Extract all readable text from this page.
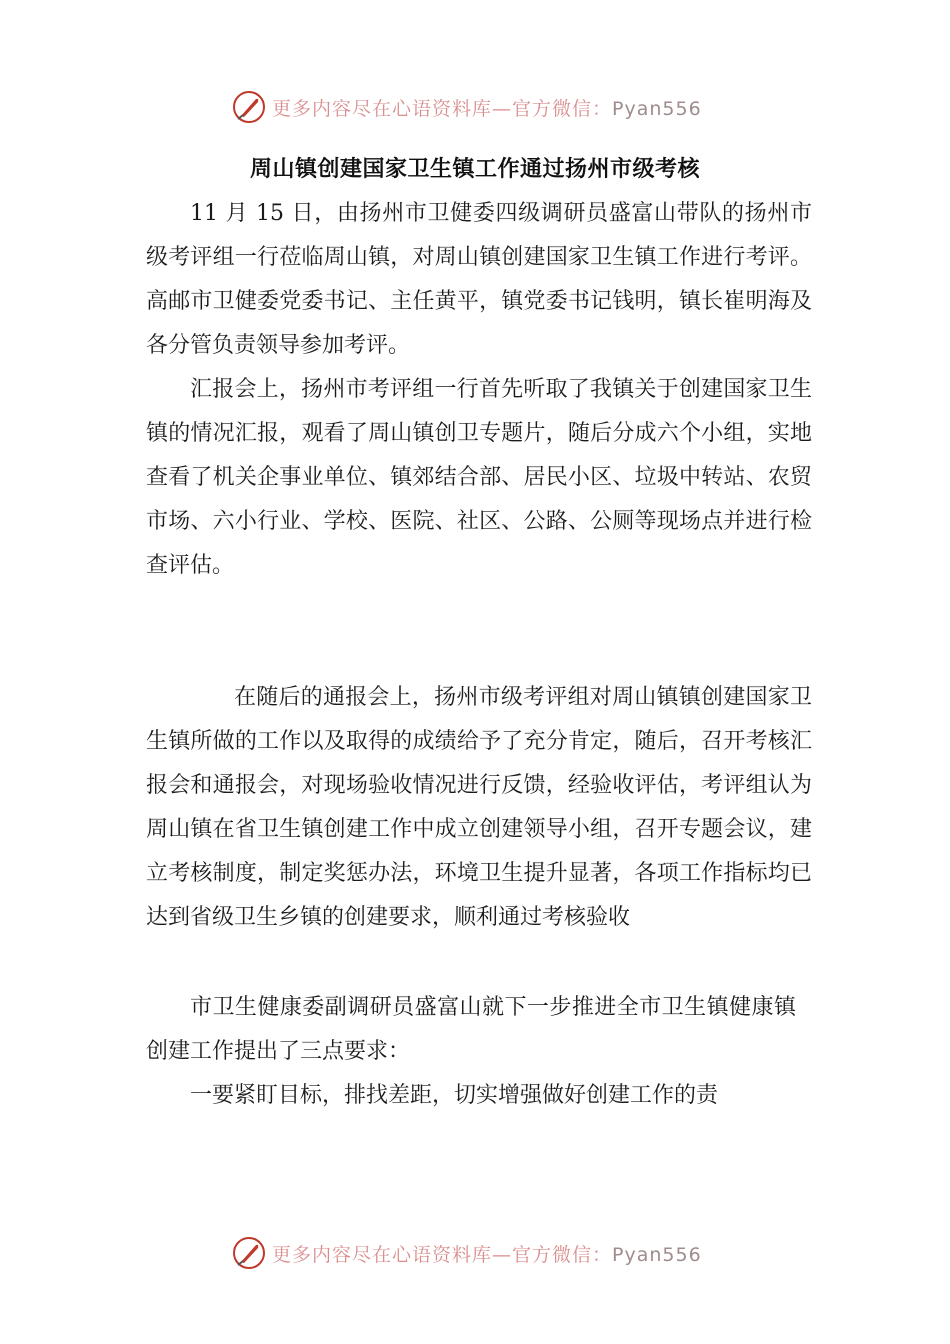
更多内容尽在心语资料库—官方微信：Pyan556
周山镇创建国家卫生镇工作通过扬州市级考核

11 月 15 日，由扬州市卫健委四级调研员盛富山带队的扬州市级考评组一行莅临周山镇，对周山镇创建国家卫生镇工作进行考评。高邮市卫健委党委书记、主任黄平，镇党委书记钱明，镇长崔明海及各分管负责领导参加考评。

汇报会上，扬州市考评组一行首先听取了我镇关于创建国家卫生镇的情况汇报，观看了周山镇创卫专题片，随后分成六个小组，实地查看了机关企事业单位、镇郊结合部、居民小区、垃圾中转站、农贸市场、六小行业、学校、医院、社区、公路、公厕等现场点并进行检查评估。

在随后的通报会上，扬州市级考评组对周山镇镇创建国家卫生镇所做的工作以及取得的成绩给予了充分肯定，随后，召开考核汇报会和通报会，对现场验收情况进行反馈，经验收评估，考评组认为周山镇在省卫生镇创建工作中成立创建领导小组，召开专题会议，建立考核制度，制定奖惩办法，环境卫生提升显著，各项工作指标均已达到省级卫生乡镇的创建要求，顺利通过考核验收

市卫生健康委副调研员盛富山就下一步推进全市卫生镇健康镇创建工作提出了三点要求：

一要紧盯目标，排找差距，切实增强做好创建工作的责

更多内容尽在心语资料库—官方微信：Pyan556
